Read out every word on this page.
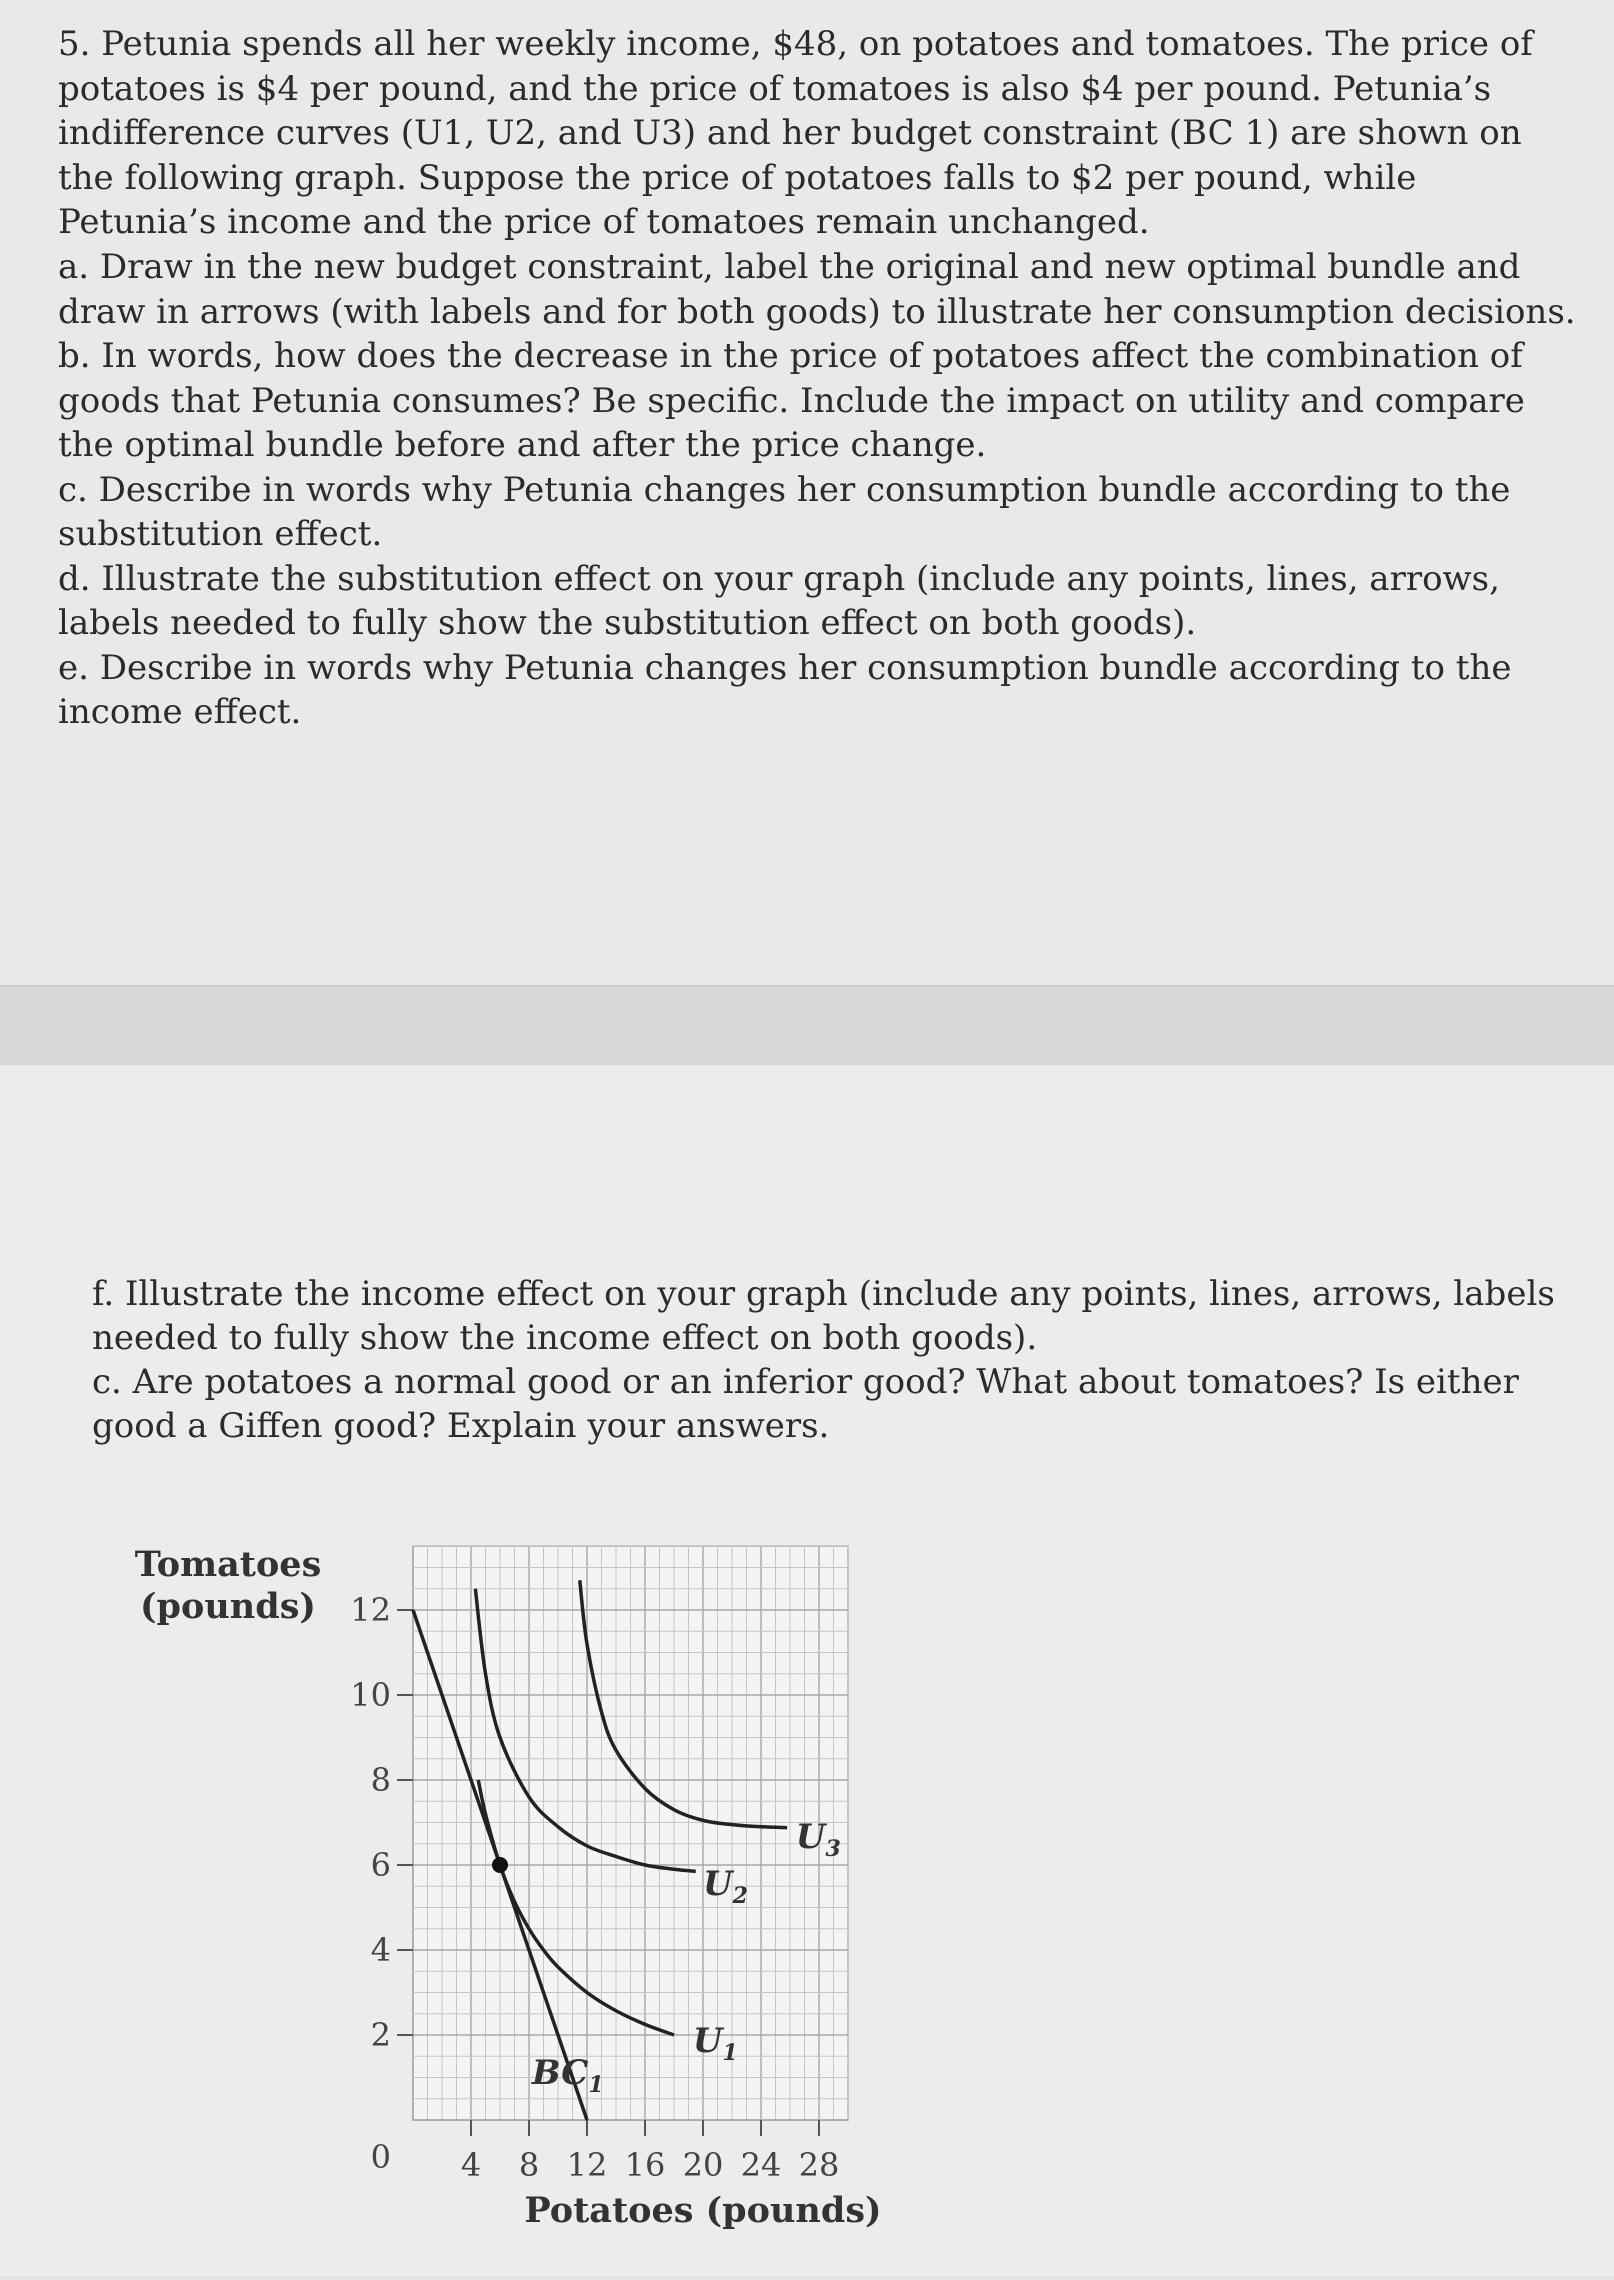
5. Petunia spends all her weekly income, $48, on potatoes and tomatoes. The price of potatoes is $4 per pound, and the price of tomatoes is also $4 per pound. Petunia’s indifference curves (U1, U2, and U3) and her budget constraint (BC 1) are shown on the following graph. Suppose the price of potatoes falls to $2 per pound, while Petunia’s income and the price of tomatoes remain unchanged.

a. Draw in the new budget constraint, label the original and new optimal bundle and draw in arrows (with labels and for both goods) to illustrate her consumption decisions.
b. In words, how does the decrease in the price of potatoes affect the combination of goods that Petunia consumes? Be specific. Include the impact on utility and compare the optimal bundle before and after the price change.
c. Describe in words why Petunia changes her consumption bundle according to the substitution effect.
d. Illustrate the substitution effect on your graph (include any points, lines, arrows, labels needed to fully show the substitution effect on both goods).
e. Describe in words why Petunia changes her consumption bundle according to the income effect.
f. Illustrate the income effect on your graph (include any points, lines, arrows, labels needed to fully show the income effect on both goods).
c. Are potatoes a normal good or an inferior good? What about tomatoes? Is either good a Giffen good? Explain your answers.
2
4
6
8
10
12
4 8 12 16 20 24 28
0
Tomatoes
(pounds)
Potatoes (pounds)
$U_1$
$U_2$
$U_3$
$BC_1$
